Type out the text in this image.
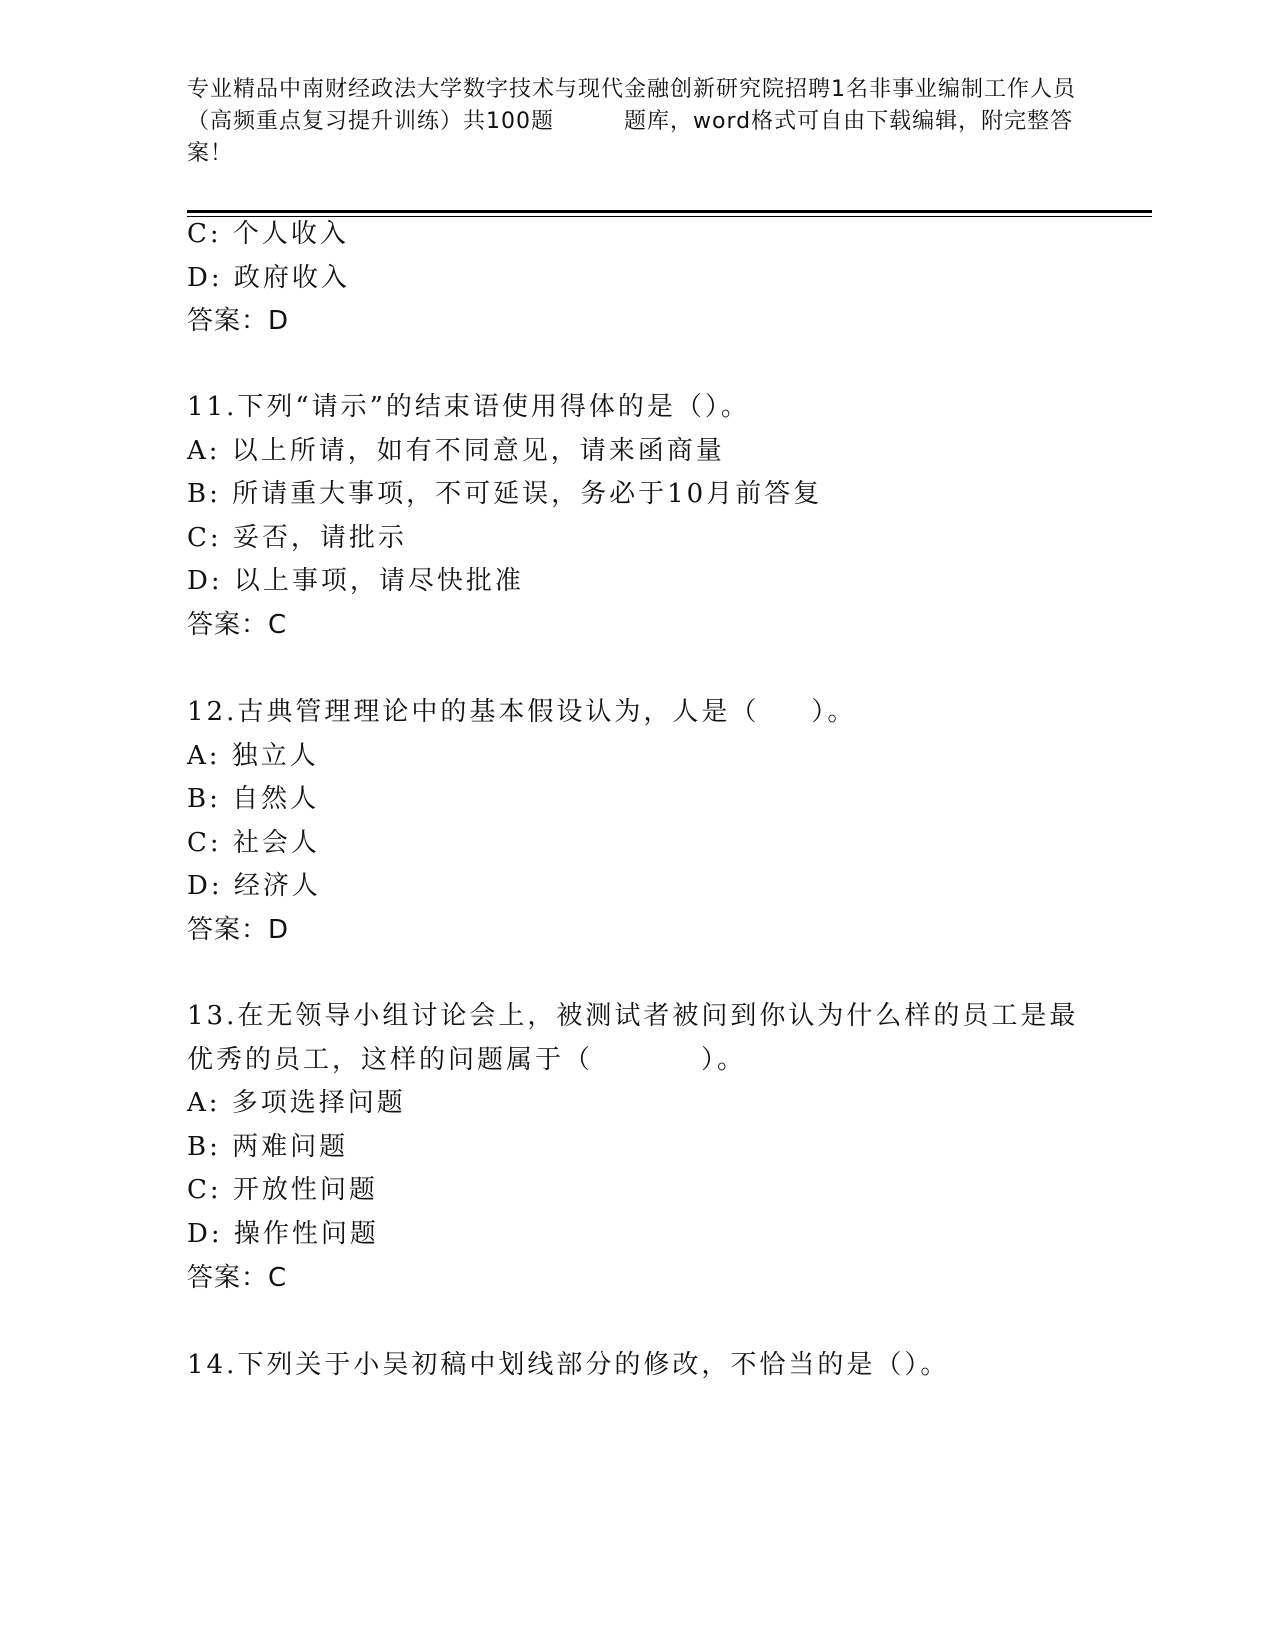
专业精品中南财经政法大学数字技术与现代金融创新研究院招聘1名非事业编制工作人员（高频重点复习提升训练）共100题	题库，word格式可自由下载编辑，附完整答案！
C: 个人收入
D: 政府收入
答案：D
11.下列“请示”的结束语使用得体的是（）。
A: 以上所请，如有不同意见，请来函商量
B: 所请重大事项，不可延误，务必于10月前答复
C: 妥否，请批示
D: 以上事项，请尽快批准
答案：C
12.古典管理理论中的基本假设认为，人是（ ）。
A: 独立人
B: 自然人
C: 社会人
D: 经济人
答案：D
13.在无领导小组讨论会上，被测试者被问到你认为什么样的员工是最
优秀的员工，这样的问题属于（	）。
A: 多项选择问题
B: 两难问题
C: 开放性问题
D: 操作性问题
答案：C
14.下列关于小吴初稿中划线部分的修改，不恰当的是（）。
